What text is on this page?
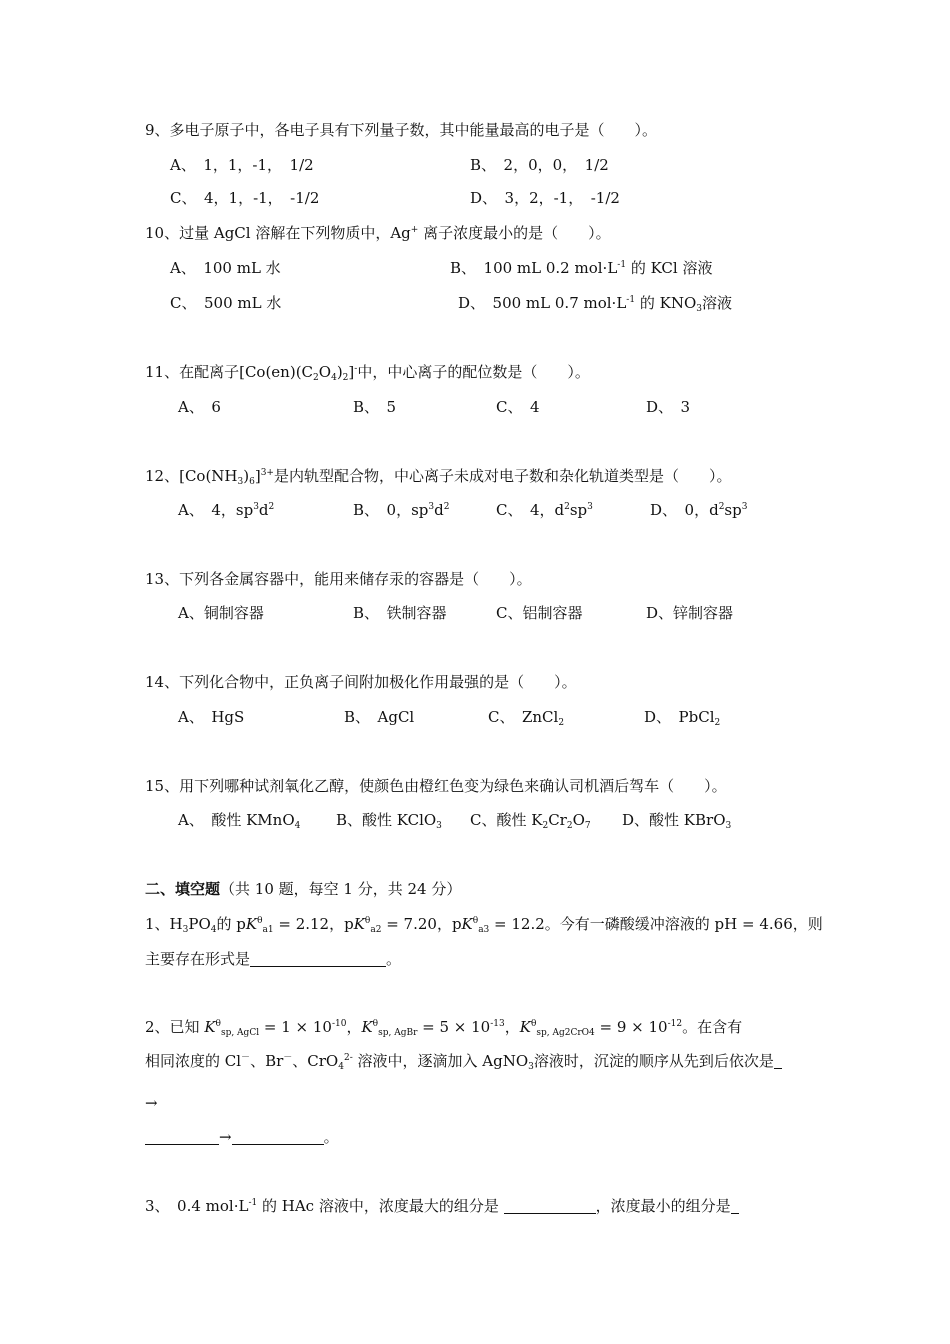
9、多电子原子中，各电子具有下列量子数，其中能量最高的电子是（　　）。
A、　1，1，-1，　1/2	B、　2，0，0，　1/2
C、　4，1，-1，　-1/2	D、　3，2，-1，　-1/2
10、过量 AgCl 溶解在下列物质中，Ag+ 离子浓度最小的是（　　）。
A、　100 mL 水	B、　100 mL 0.2 $mol\cdot L^{-1}$ 的 KCl 溶液
C、　500 mL 水	D、　500 mL 0.7 $mol\cdot L^{-1}$ 的 $KNO_3$溶液
11、在配离子$[Co(en)(C_2O_4)_2]^-$中，中心离子的配位数是（　　）。
A、　6	B、　5	C、　4	D、　3
12、$[Co(NH_3)_6]^{3+}$是内轨型配合物，中心离子未成对电子数和杂化轨道类型是（　　）。
A、　4，$sp^3d^2$	B、　0，$sp^3d^2$	C、　4，$d^2sp^3$	D、　0，$d^2sp^3$
13、下列各金属容器中，能用来储存汞的容器是（　　）。
A、铜制容器	B、　铁制容器	C、铝制容器	D、锌制容器
14、下列化合物中，正负离子间附加极化作用最强的是（　　）。
A、　HgS	B、　AgCl	C、　ZnCl$_2$	D、　PbCl$_2$
15、用下列哪种试剂氧化乙醇，使颜色由橙红色变为绿色来确认司机酒后驾车（　　）。
A、　酸性 KMnO$_4$ B、酸性 KClO$_3$ C、酸性 $K_2Cr_2O_7$ D、酸性 KBrO$_3$
二、填空题（共 10 题，每空 1 分，共 24 分）
1、$H_3PO_4$的 $pK^\theta_{a1} = 2.12$，$pK^\theta_{a2} = 7.20$，$pK^\theta_{a3} = 12.2$。今有一磷酸缓冲溶液的 pH = 4.66，则
主要存在形式是	。
2、已知 $K^\theta_{sp, AgCl} = 1 \times 10^{-10}$，$K^\theta_{sp, AgBr} = 5 \times 10^{-13}$，$K^\theta_{sp, Ag2CrO4} = 9 \times 10^{-12}$。在含有
相同浓度的 Cl－、Br－、CrO$_4^{2-}$ 溶液中，逐滴加入 AgNO$_3$溶液时，沉淀的顺序从先到后依次是
→
→	。
3、　0.4 $mol\cdot L^{-1}$ 的 HAc 溶液中，浓度最大的组分是	，浓度最小的组分是
